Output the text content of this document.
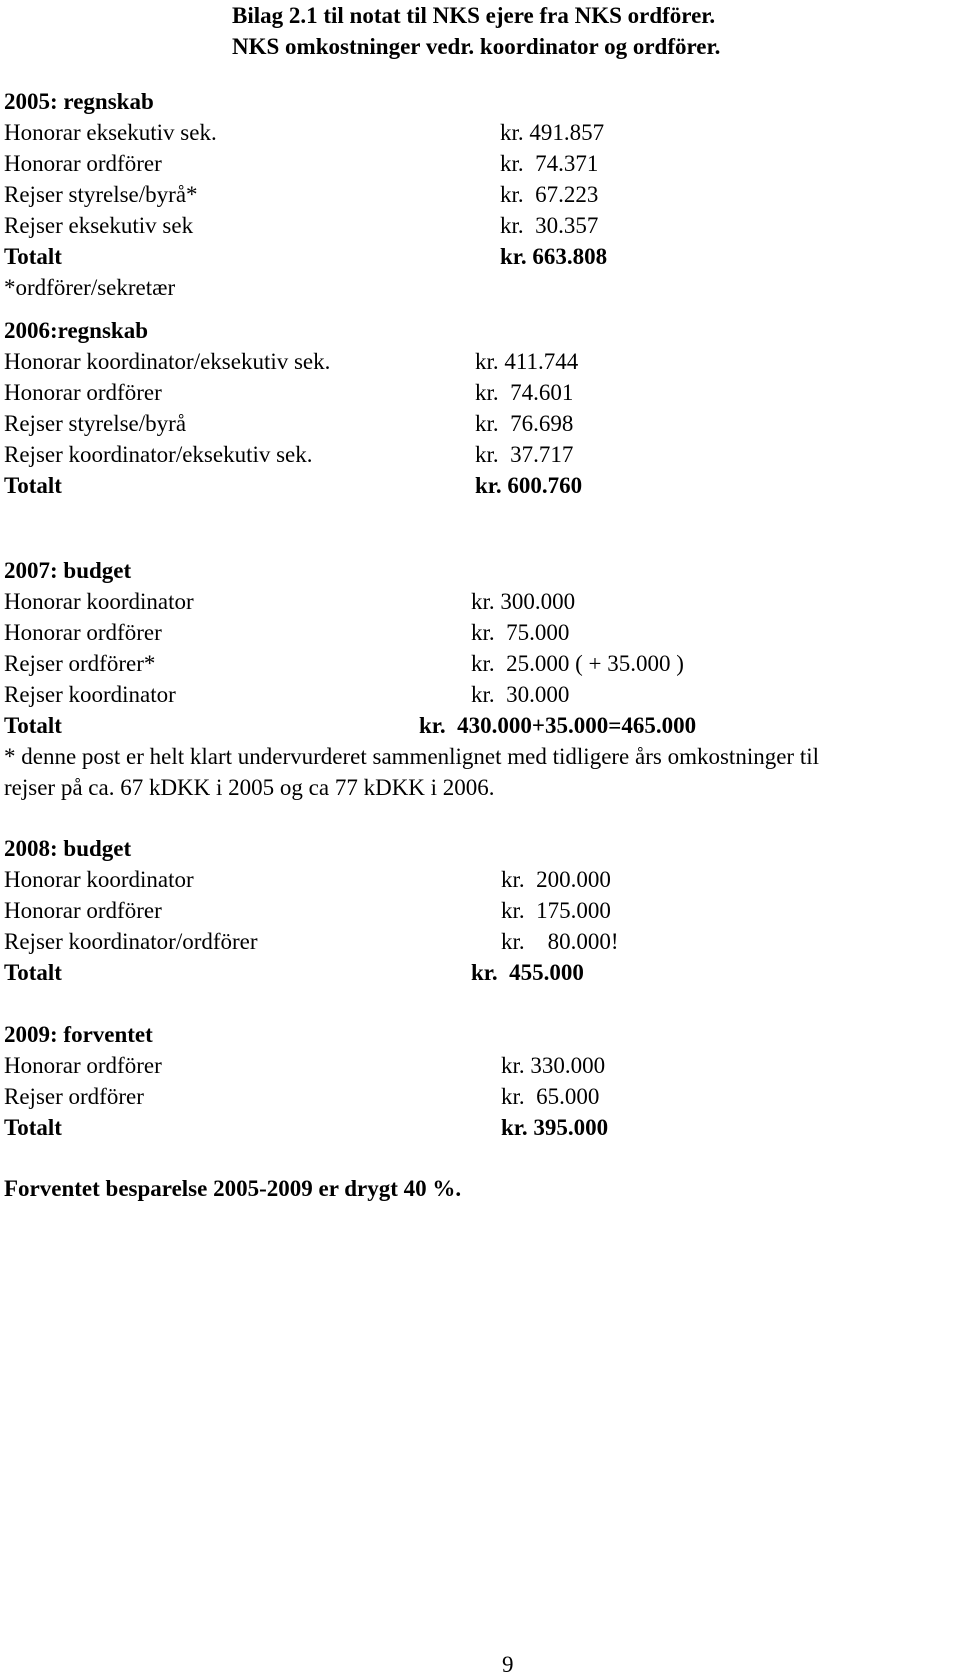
Bilag 2.1 til notat til NKS ejere fra NKS ordförer.
NKS omkostninger vedr. koordinator og ordförer.
2005: regnskab
Honorar eksekutiv sek.	kr. 491.857
Honorar ordförer	kr.  74.371
Rejser styrelse/byrå*	kr.  67.223
Rejser eksekutiv sek	kr.  30.357
Totalt	kr. 663.808
*ordförer/sekretær
2006:regnskab
Honorar koordinator/eksekutiv sek.	kr. 411.744
Honorar ordförer	kr.  74.601
Rejser styrelse/byrå	kr.  76.698
Rejser koordinator/eksekutiv sek.	kr.  37.717
Totalt	kr. 600.760
2007: budget
Honorar koordinator	kr. 300.000
Honorar ordförer	kr.  75.000
Rejser ordförer*	kr.  25.000 ( + 35.000 )
Rejser koordinator	kr.  30.000
Totalt	kr.  430.000+35.000=465.000
* denne post er helt klart undervurderet sammenlignet med tidligere års omkostninger til
rejser på ca. 67 kDKK i 2005 og ca 77 kDKK i 2006.
2008: budget
Honorar koordinator	kr.  200.000
Honorar ordförer	kr.  175.000
Rejser koordinator/ordförer	kr.    80.000!
Totalt	kr.  455.000
2009: forventet
Honorar ordförer	kr. 330.000
Rejser ordförer	kr.  65.000
Totalt	kr. 395.000
Forventet besparelse 2005-2009 er drygt 40 %.
9
